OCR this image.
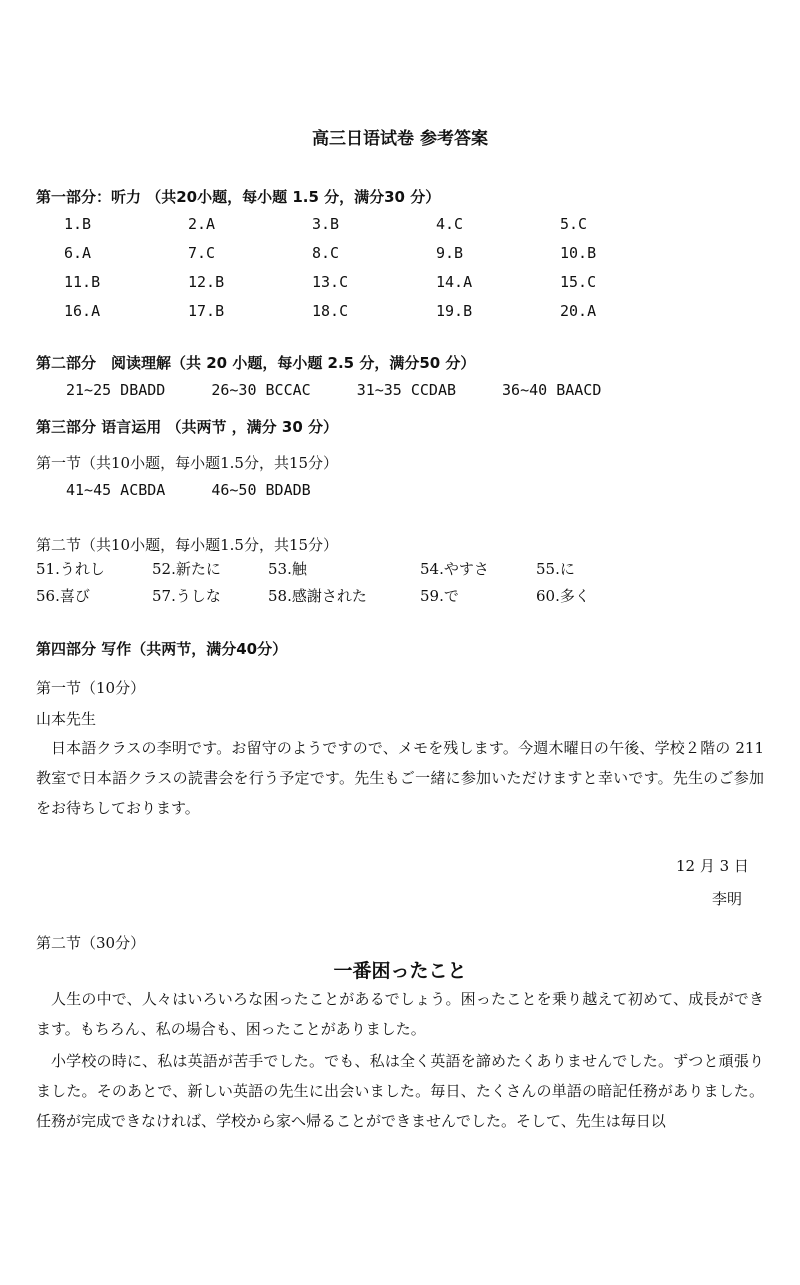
高三日语试卷 参考答案
第一部分：听力 （共20小题，每小题 1.5 分，满分30 分）
1.B	2.A	3.B	4.C	5.C
6.A	7.C	8.C	9.B	10.B
11.B	12.B	13.C	14.A	15.C
16.A	17.B	18.C	19.B	20.A
第二部分　阅读理解（共 20 小题，每小题 2.5 分，满分50 分）
21~25 DBADD	26~30 BCCAC	31~35 CCDAB	36~40 BAACD
第三部分 语言运用 （共两节 ，满分 30 分）
第一节（共10小题，每小题1.5分，共15分）
41~45 ACBDA	46~50 BDADB
第二节（共10小题，每小题1.5分，共15分）
51.うれし	52.新たに	53.触	54.やすさ	55.に
56.喜び	57.うしな	58.感謝された	59.で	60.多く
第四部分 写作（共两节，满分40分）
第一节（10分）
山本先生
日本語クラスの李明です。お留守のようですので、メモを残します。今週木曜日の午後、学校２階の 211 教室で日本語クラスの読書会を行う予定です。先生もご一緒に参加いただけますと幸いです。先生のご参加をお待ちしております。
12 月 3 日
李明
第二节（30分）
一番困ったこと
人生の中で、人々はいろいろな困ったことがあるでしょう。困ったことを乗り越えて初めて、成長ができます。もちろん、私の場合も、困ったことがありました。
小学校の時に、私は英語が苦手でした。でも、私は全く英語を諦めたくありませんでした。ずつと頑張りました。そのあとで、新しい英語の先生に出会いました。毎日、たくさんの単語の暗記任務がありました。任務が完成できなければ、学校から家へ帰ることができませんでした。そして、先生は毎日以
